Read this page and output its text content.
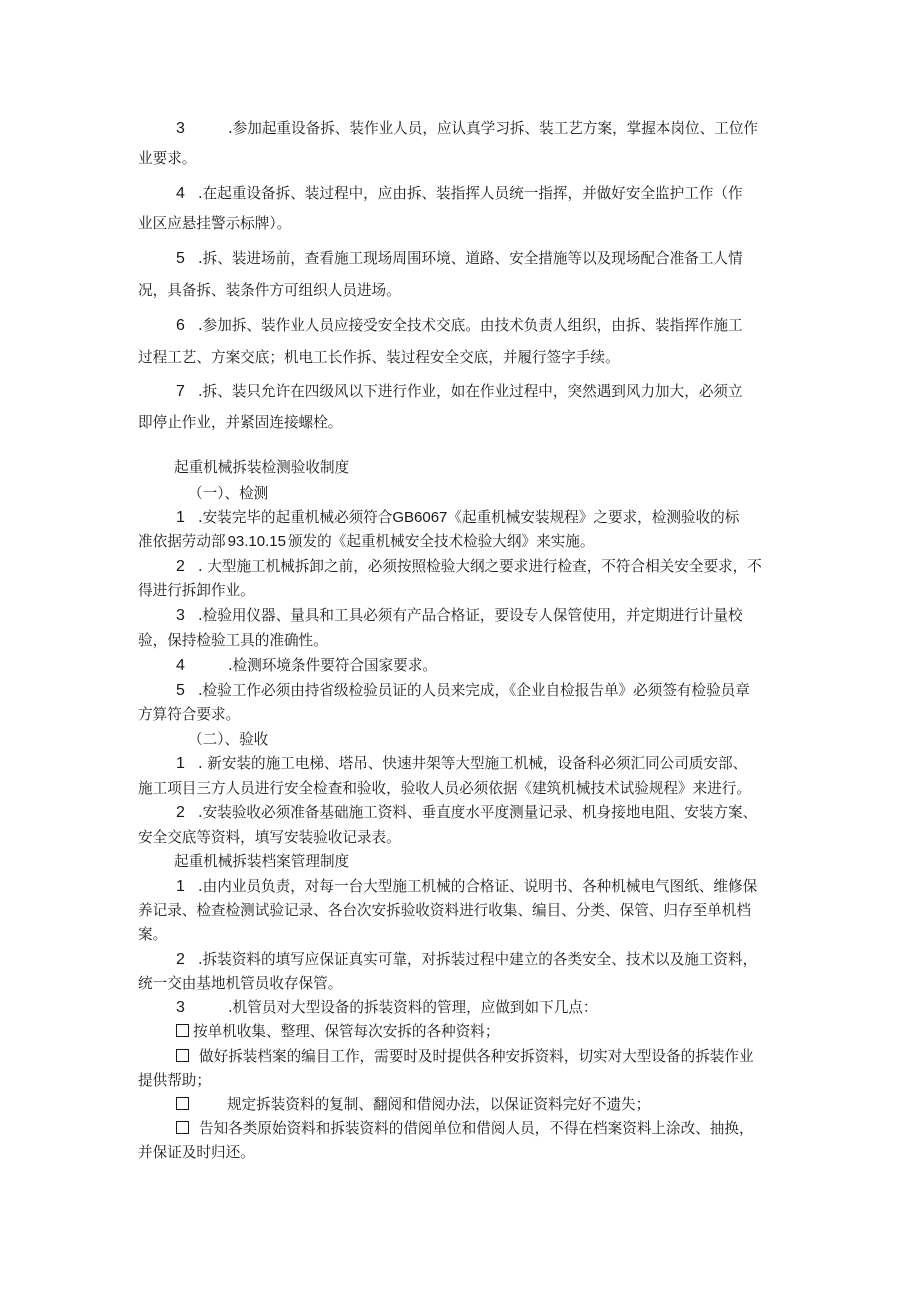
3	.参加起重设备拆、装作业人员，应认真学习拆、装工艺方案，掌握本岗位、工位作
业要求。
4 .在起重设备拆、装过程中，应由拆、装指挥人员统一指挥，并做好安全监护工作（作
业区应悬挂警示标牌）。
5 .拆、装进场前，查看施工现场周围环境、道路、安全措施等以及现场配合准备工人情
况，具备拆、装条件方可组织人员进场。
6 .参加拆、装作业人员应接受安全技术交底。由技术负责人组织，由拆、装指挥作施工
过程工艺、方案交底；机电工长作拆、装过程安全交底，并履行签字手续。
7 .拆、装只允许在四级风以下进行作业，如在作业过程中，突然遇到风力加大，必须立
即停止作业，并紧固连接螺栓。
起重机械拆装检测验收制度
（一）、检测
1 .安装完毕的起重机械必须符合GB6067《起重机械安装规程》之要求，检测验收的标
准依据劳动部 93.10.15 颁发的《起重机械安全技术检验大纲》来实施。
2 . 大型施工机械拆卸之前，必须按照检验大纲之要求进行检查，不符合相关安全要求，不
得进行拆卸作业。
3 .检验用仪器、量具和工具必须有产品合格证，要设专人保管使用，并定期进行计量校
验，保持检验工具的准确性。
4	.检测环境条件要符合国家要求。
5 .检验工作必须由持省级检验员证的人员来完成，《企业自检报告单》必须签有检验员章
方算符合要求。
（二）、验收
1 . 新安装的施工电梯、塔吊、快速井架等大型施工机械，设备科必须汇同公司质安部、
施工项目三方人员进行安全检查和验收，验收人员必须依据《建筑机械技术试验规程》来进行。
2 .安装验收必须准备基础施工资料、垂直度水平度测量记录、机身接地电阻、安装方案、
安全交底等资料，填写安装验收记录表。
起重机械拆装档案管理制度
1 .由内业员负责，对每一台大型施工机械的合格证、说明书、各种机械电气图纸、维修保
养记录、检查检测试验记录、各台次安拆验收资料进行收集、编目、分类、保管、归存至单机档
案。
2 .拆装资料的填写应保证真实可靠，对拆装过程中建立的各类安全、技术以及施工资料，
统一交由基地机管员收存保管。
3	.机管员对大型设备的拆装资料的管理，应做到如下几点：
按单机收集、整理、保管每次安拆的各种资料；
做好拆装档案的编目工作，需要时及时提供各种安拆资料，切实对大型设备的拆装作业
提供帮助；
规定拆装资料的复制、翻阅和借阅办法，以保证资料完好不遗失；
告知各类原始资料和拆装资料的借阅单位和借阅人员，不得在档案资料上涂改、抽换，
并保证及时归还。
